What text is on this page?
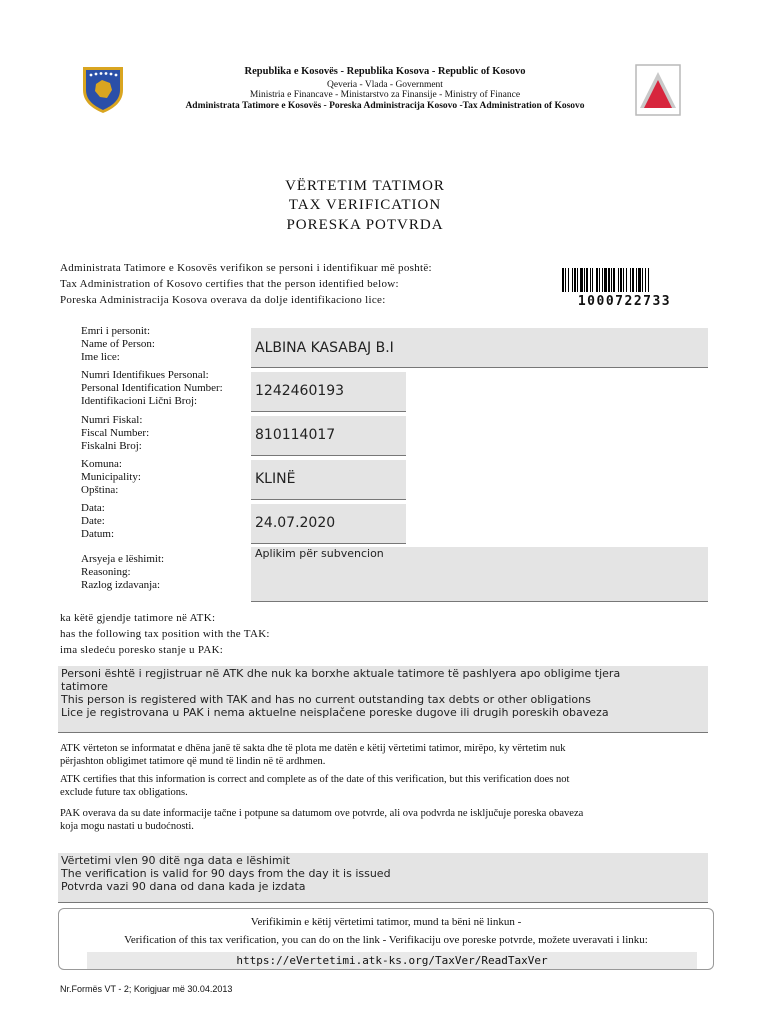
Republika e Kosovës - Republika Kosova - Republic of Kosovo
Qeveria - Vlada - Government
Ministria e Financave - Ministarstvo za Finansije - Ministry of Finance
Administrata Tatimore e Kosovës - Poreska Administracija Kosovo -Tax Administration of Kosovo
VËRTETIM TATIMOR
TAX VERIFICATION
PORESKA POTVRDA
Administrata Tatimore e Kosovës verifikon se personi i identifikuar më poshtë:
Tax Administration of Kosovo certifies that the person identified below:
Poreska Administracija Kosova overava da dolje identifikaciono lice:	1000722733
Emri i personit:
Name of Person:
Ime lice:
ALBINA KASABAJ B.I
Numri Identifikues Personal:
Personal Identification Number:
Identifikacioni Lični Broj:
1242460193
Numri Fiskal:
Fiscal Number:
Fiskalni Broj:
810114017
Komuna:
Municipality:
Opština:
KLINË
Data:
Date:
Datum:
24.07.2020
Arsyeja e lëshimit:
Reasoning:
Razlog izdavanja:
Aplikim për subvencion
ka këtë gjendje tatimore në ATK:
has the following tax position with the TAK:
ima sledeću poresko stanje u PAK:
Personi është i regjistruar në ATK dhe nuk ka borxhe aktuale tatimore të pashlyera apo obligime tjera
tatimore
This person is registered with TAK and has no current outstanding tax debts or other obligations
Lice je registrovana u PAK i nema aktuelne neisplačene poreske dugove ili drugih poreskih obaveza
ATK vërteton se informatat e dhëna janë të sakta dhe të plota me datën e këtij vërtetimi tatimor, mirëpo, ky vërtetim nuk
përjashton obligimet tatimore që mund të lindin në të ardhmen.
ATK certifies that this information is correct and complete as of the date of this verification, but this verification does not
exclude future tax obligations.
PAK overava da su date informacije tačne i potpune sa datumom ove potvrde, ali ova podvrda ne isključuje poreska obaveza
koja mogu nastati u budoćnosti.
Vërtetimi vlen 90 ditë nga data e lëshimit
The verification is valid for 90 days from the day it is issued
Potvrda vazi 90 dana od dana kada je izdata
Verifikimin e këtij vërtetimi tatimor, mund ta bëni në linkun -
Verification of this tax verification, you can do on the link - Verifikaciju ove poreske potvrde, možete uveravati i linku:
https://eVertetimi.atk-ks.org/TaxVer/ReadTaxVer
Nr.Formës VT - 2; Korigjuar më 30.04.2013
